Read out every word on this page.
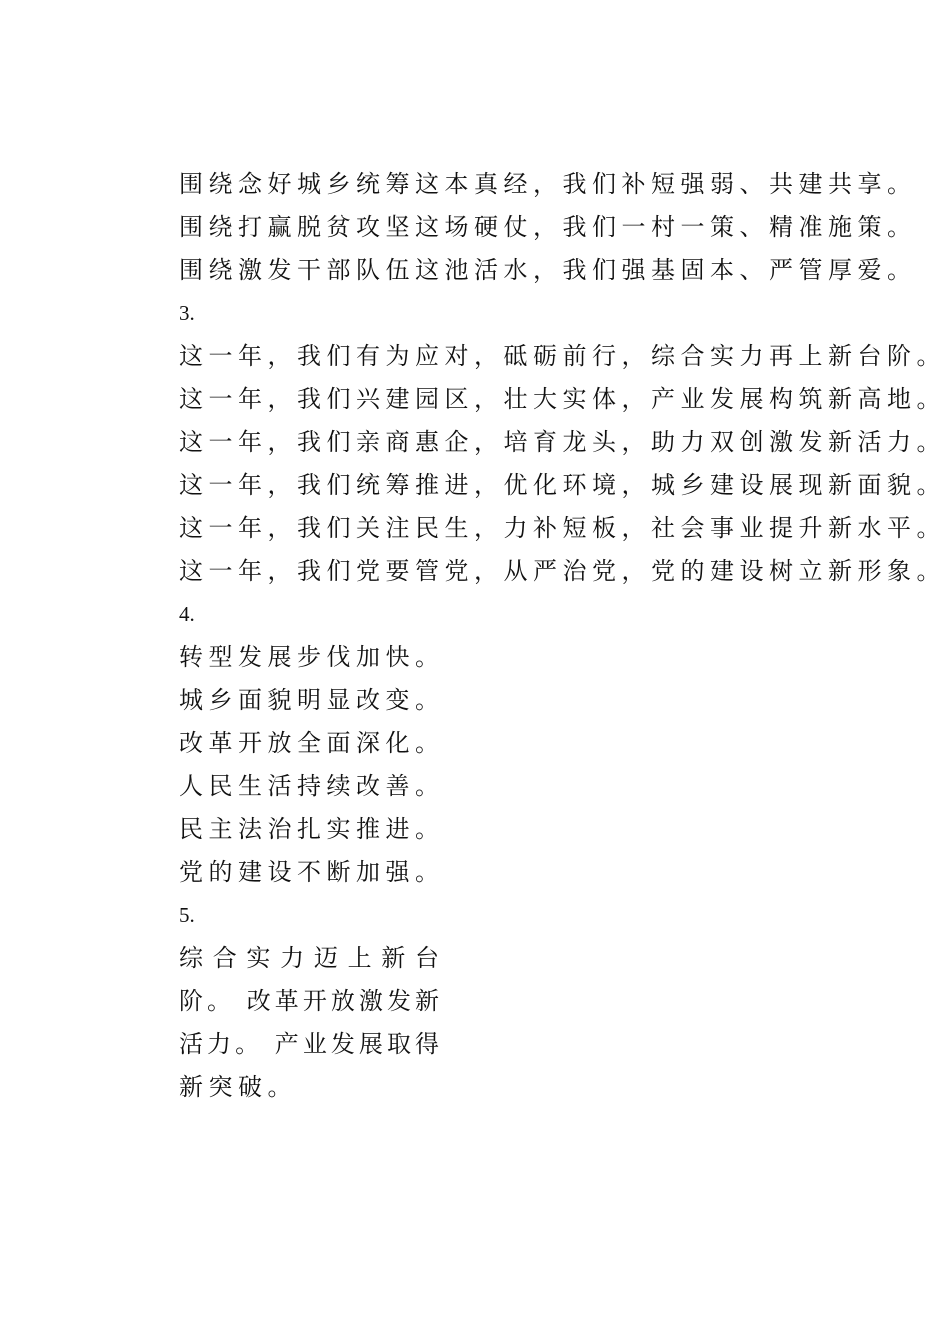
围绕念好城乡统筹这本真经，我们补短强弱、共建共享。
围绕打赢脱贫攻坚这场硬仗，我们一村一策、精准施策。
围绕激发干部队伍这池活水，我们强基固本、严管厚爱。
3.
这一年，我们有为应对，砥砺前行，综合实力再上新台阶。
这一年，我们兴建园区，壮大实体，产业发展构筑新高地。
这一年，我们亲商惠企，培育龙头，助力双创激发新活力。
这一年，我们统筹推进，优化环境，城乡建设展现新面貌。
这一年，我们关注民生，力补短板，社会事业提升新水平。
这一年，我们党要管党，从严治党，党的建设树立新形象。
4.
转型发展步伐加快。
城乡面貌明显改变。
改革开放全面深化。
人民生活持续改善。
民主法治扎实推进。
党的建设不断加强。
5.
综合实力迈上新台
阶。 改革开放激发新
活力。 产业发展取得
新突破。
